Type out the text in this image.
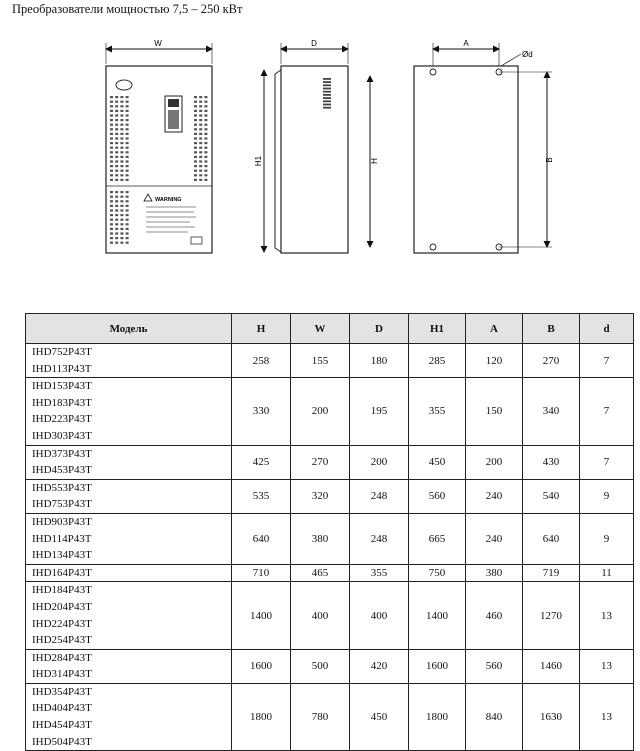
Преобразователи мощностью 7,5 – 250 кВт
W
WARNING
D
H1	H
A
Ød
B
Модель	H	W	D	H1	A	B	d

IHD752P43T
IHD113P43T	258	155	180	285	120	270	7

IHD153P43T
IHD183P43T
IHD223P43T
IHD303P43T	330	200	195	355	150	340	7

IHD373P43T
IHD453P43T	425	270	200	450	200	430	7

IHD553P43T
IHD753P43T	535	320	248	560	240	540	9

IHD903P43T
IHD114P43T
IHD134P43T	640	380	248	665	240	640	9

IHD164P43T	710	465	355	750	380	719	11

IHD184P43T
IHD204P43T
IHD224P43T
IHD254P43T	1400	400	400	1400	460	1270	13

IHD284P43T
IHD314P43T	1600	500	420	1600	560	1460	13

IHD354P43T
IHD404P43T
IHD454P43T
IHD504P43T	1800	780	450	1800	840	1630	13
